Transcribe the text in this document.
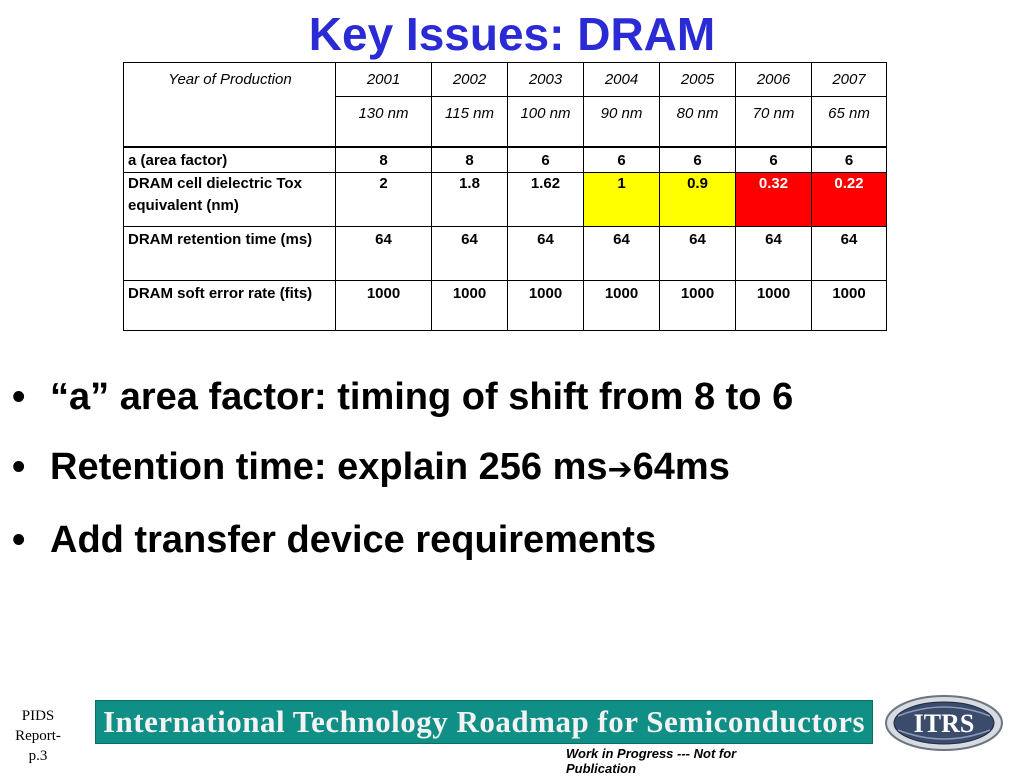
Key Issues: DRAM
Year of Production	2001	2002	2003	2004	2005	2006	2007
	130 nm	115 nm	100 nm	90 nm	80 nm	70 nm	65 nm
a (area factor)	8	8	6	6	6	6	6
DRAM cell dielectric Tox equivalent (nm)	2	1.8	1.62	1	0.9	0.32	0.22
DRAM retention time (ms)	64	64	64	64	64	64	64
DRAM soft error rate (fits)	1000	1000	1000	1000	1000	1000	1000
• “a” area factor: timing of shift from 8 to 6
• Retention time: explain 256 ms➔64ms
• Add transfer device requirements
PIDS Report-p.3
International Technology Roadmap for Semiconductors ITRS
Work in Progress --- Not for Publication
